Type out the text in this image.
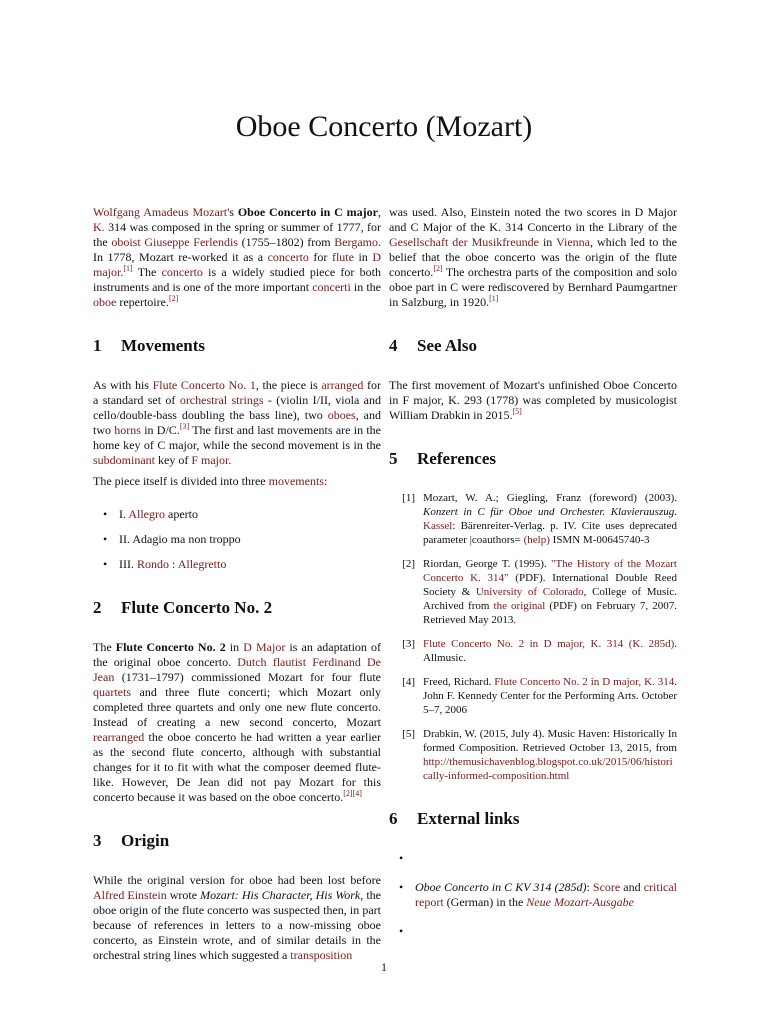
Oboe Concerto (Mozart)

Wolfgang Amadeus Mozart's Oboe Concerto in C major, K. 314 was composed in the spring or summer of 1777, for the oboist Giuseppe Ferlendis (1755–1802) from Bergamo. In 1778, Mozart re-worked it as a concerto for flute in D major.[1] The concerto is a widely studied piece for both instruments and is one of the more important concerti in the oboe repertoire.[2]

1 Movements

As with his Flute Concerto No. 1, the piece is arranged for a standard set of orchestral strings - (violin I/II, viola and cello/double-bass doubling the bass line), two oboes, and two horns in D/C.[3] The first and last movements are in the home key of C major, while the second movement is in the subdominant key of F major.

The piece itself is divided into three movements:

• I. Allegro aperto
• II. Adagio ma non troppo
• III. Rondo : Allegretto
2 Flute Concerto No. 2

The Flute Concerto No. 2 in D Major is an adaptation of the original oboe concerto. Dutch flautist Ferdinand De Jean (1731–1797) commissioned Mozart for four flute quartets and three flute concerti; which Mozart only completed three quartets and only one new flute concerto. Instead of creating a new second concerto, Mozart rearranged the oboe concerto he had written a year earlier as the second flute concerto, although with substantial changes for it to fit with what the composer deemed flute-like. However, De Jean did not pay Mozart for this concerto because it was based on the oboe concerto.[2][4]

3 Origin

While the original version for oboe had been lost before Alfred Einstein wrote Mozart: His Character, His Work, the oboe origin of the flute concerto was suspected then, in part because of references in letters to a now-missing oboe concerto, as Einstein wrote, and of similar details in the orchestral string lines which suggested a transposition

was used. Also, Einstein noted the two scores in D Major and C Major of the K. 314 Concerto in the Library of the Gesellschaft der Musikfreunde in Vienna, which led to the belief that the oboe concerto was the origin of the flute concerto.[2] The orchestra parts of the composition and solo oboe part in C were rediscovered by Bernhard Paumgartner in Salzburg, in 1920.[1]

4 See Also

The first movement of Mozart's unfinished Oboe Concerto in F major, K. 293 (1778) was completed by musicologist William Drabkin in 2015.[5]

5 References
[1] Mozart, W. A.; Giegling, Franz (foreword) (2003). Konzert in C für Oboe und Orchester. Klavierauszug. Kassel: Bärenreiter-Verlag. p. IV. Cite uses deprecated parameter |coauthors= (help) ISMN M-00645740-3
[2] Riordan, George T. (1995). "The History of the Mozart Concerto K. 314" (PDF). International Double Reed Society & University of Colorado, College of Music. Archived from the original (PDF) on February 7, 2007. Retrieved May 2013.
[3] Flute Concerto No. 2 in D major, K. 314 (K. 285d). Allmusic.
[4] Freed, Richard. Flute Concerto No. 2 in D major, K. 314. John F. Kennedy Center for the Performing Arts. October 5–7, 2006
[5] Drabkin, W. (2015, July 4). Music Haven: Historically Informed Composition. Retrieved October 13, 2015, from http://themusichavenblog.blogspot.co.uk/2015/06/historically-informed-composition.html
6 External links
•

• Oboe Concerto in C KV 314 (285d): Score and critical report (German) in the Neue Mozart-Ausgabe
•

1
